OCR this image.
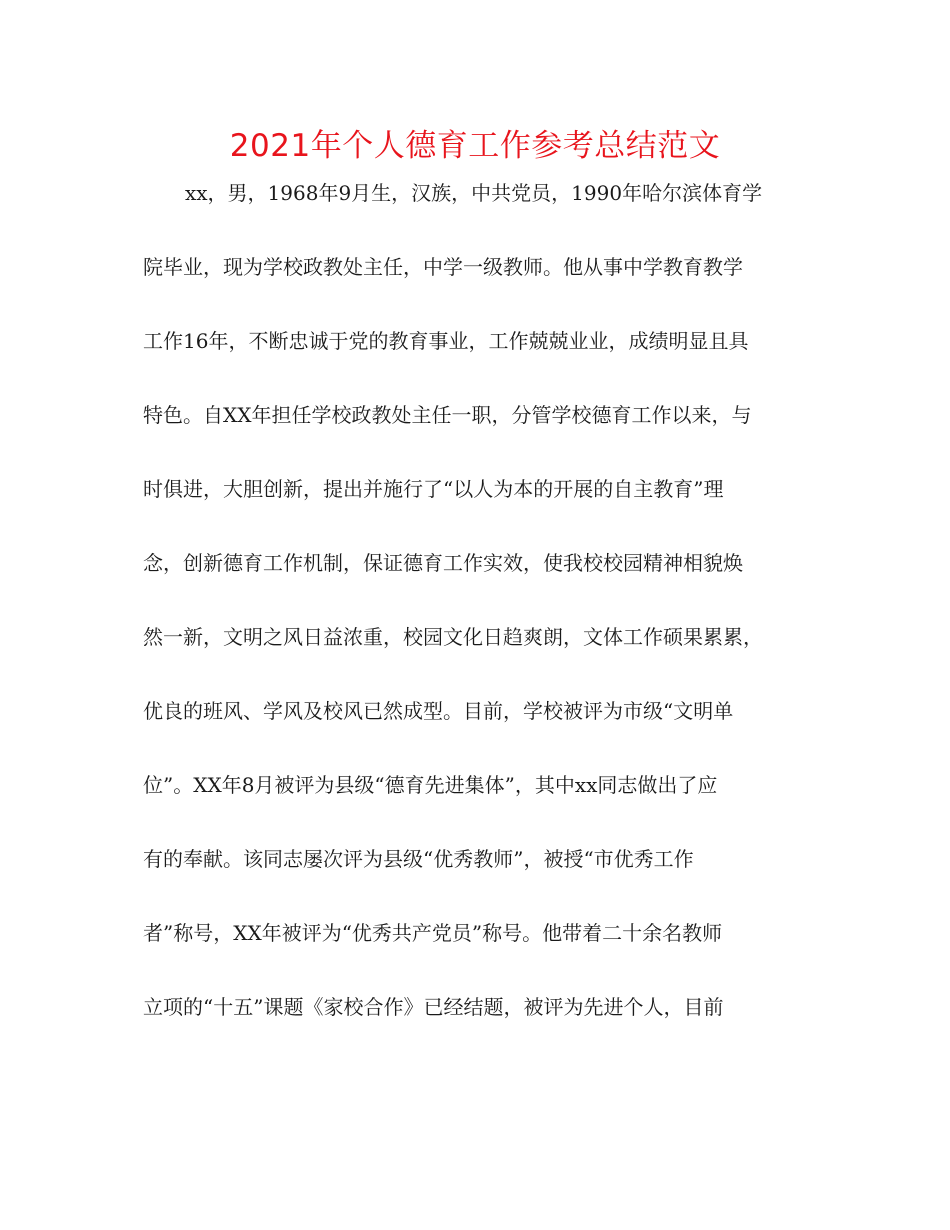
2021年个人德育工作参考总结范文
xx，男，1968年9月生，汉族，中共党员，1990年哈尔滨体育学
院毕业，现为学校政教处主任，中学一级教师。他从事中学教育教学
工作16年，不断忠诚于党的教育事业，工作兢兢业业，成绩明显且具
特色。自XX年担任学校政教处主任一职，分管学校德育工作以来，与
时俱进，大胆创新，提出并施行了“以人为本的开展的自主教育”理
念，创新德育工作机制，保证德育工作实效，使我校校园精神相貌焕
然一新，文明之风日益浓重，校园文化日趋爽朗，文体工作硕果累累，
优良的班风、学风及校风已然成型。目前，学校被评为市级“文明单
位”。XX年8月被评为县级“德育先进集体”，其中xx同志做出了应
有的奉献。该同志屡次评为县级“优秀教师”，被授“市优秀工作
者”称号，XX年被评为“优秀共产党员”称号。他带着二十余名教师
立项的“十五”课题《家校合作》已经结题，被评为先进个人，目前
